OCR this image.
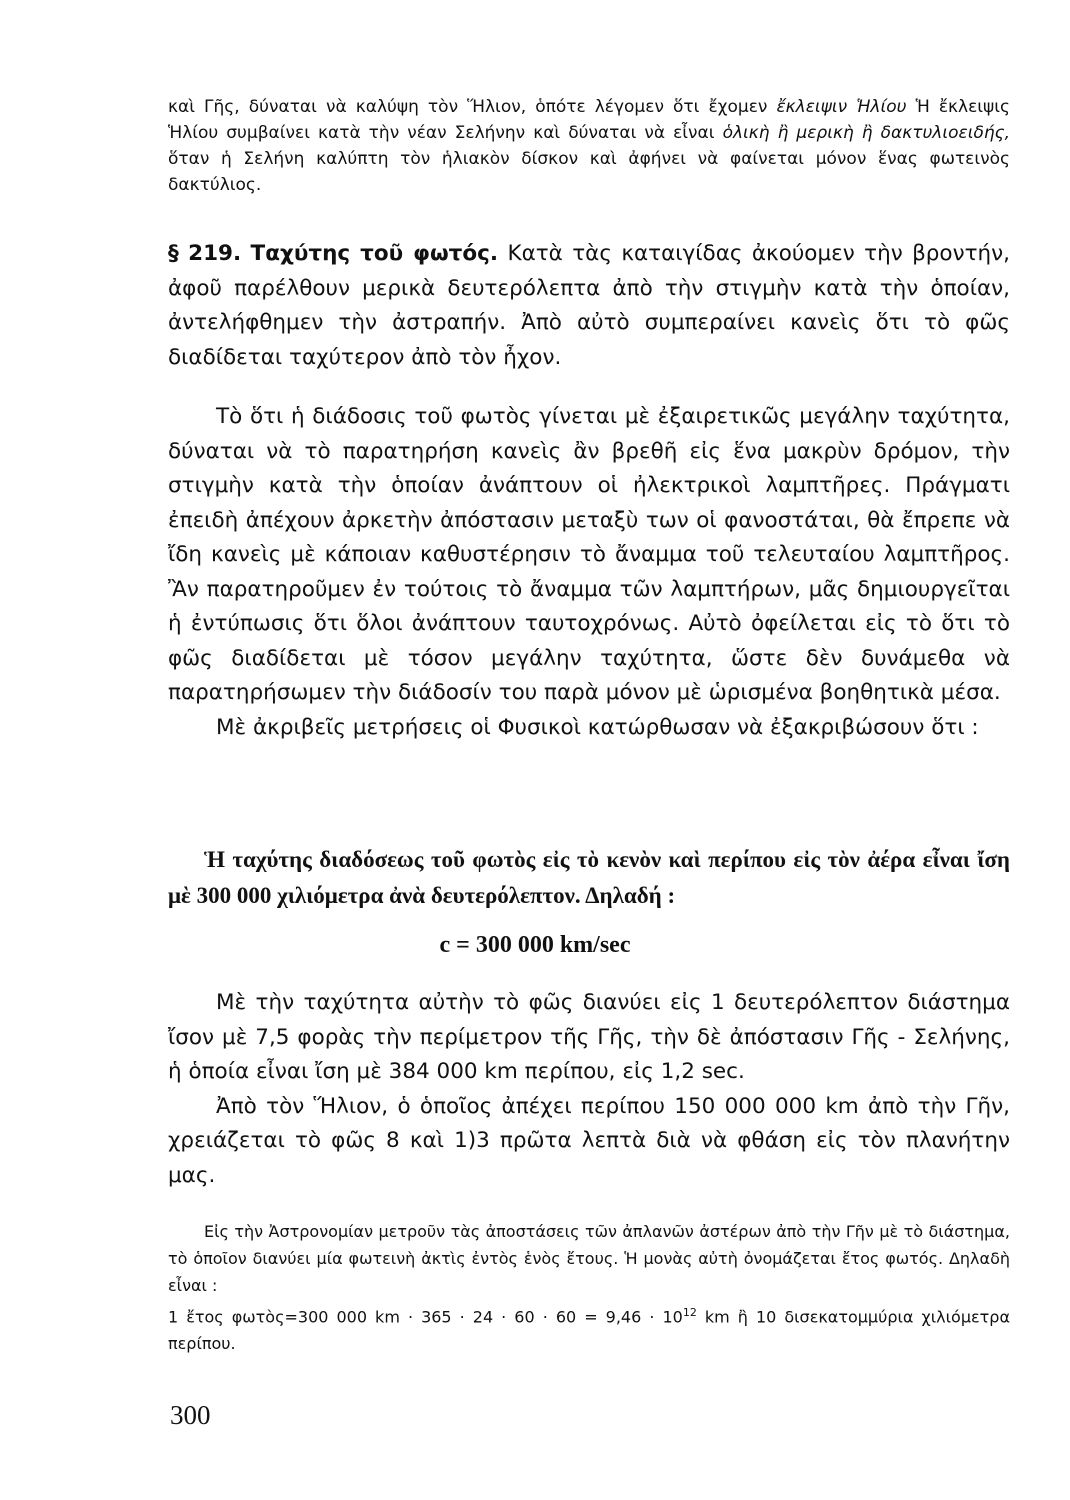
καὶ Γῆς, δύναται νὰ καλύψη τὸν Ἥλιον, ὁπότε λέγομεν ὅτι ἔχομεν ἔκλειψιν Ἡλίου Ἡ ἔκλειψις Ἡλίου συμβαίνει κατὰ τὴν νέαν Σελήνην καὶ δύναται νὰ εἶναι ὁλικὴ ἢ μερικὴ ἢ δακτυλιοειδής, ὅταν ἡ Σελήνη καλύπτη τὸν ἡλιακὸν δίσκον καὶ ἀφήνει νὰ φαίνεται μόνον ἕνας φωτεινὸς δακτύλιος.

§ 219. Ταχύτης τοῦ φωτός. Κατὰ τὰς καταιγίδας ἀκούομεν τὴν βροντήν, ἀφοῦ παρέλθουν μερικὰ δευτερόλεπτα ἀπὸ τὴν στιγμὴν κατὰ τὴν ὁποίαν, ἀντελήφθημεν τὴν ἀστραπήν. Ἀπὸ αὐτὸ συμπεραίνει κανεὶς ὅτι τὸ φῶς διαδίδεται ταχύτερον ἀπὸ τὸν ἦχον.

Τὸ ὅτι ἡ διάδοσις τοῦ φωτὸς γίνεται μὲ ἐξαιρετικῶς μεγάλην ταχύτητα, δύναται νὰ τὸ παρατηρήση κανεὶς ἂν βρεθῆ εἰς ἕνα μακρὺν δρόμον, τὴν στιγμὴν κατὰ τὴν ὁποίαν ἀνάπτουν οἱ ἠλεκτρικοὶ λαμπτῆρες. Πράγματι ἐπειδὴ ἀπέχουν ἀρκετὴν ἀπόστασιν μεταξὺ των οἱ φανοστάται, θὰ ἔπρεπε νὰ ἴδη κανεὶς μὲ κάποιαν καθυστέρησιν τὸ ἄναμμα τοῦ τελευταίου λαμπτῆρος. Ἂν παρατηροῦμεν ἐν τούτοις τὸ ἄναμμα τῶν λαμπτήρων, μᾶς δημιουργεῖται ἡ ἐντύπωσις ὅτι ὅλοι ἀνάπτουν ταυτοχρόνως. Αὐτὸ ὀφείλεται εἰς τὸ ὅτι τὸ φῶς διαδίδεται μὲ τόσον μεγάλην ταχύτητα, ὥστε δὲν δυνάμεθα νὰ παρατηρήσωμεν τὴν διάδοσίν του παρὰ μόνον μὲ ὡρισμένα βοηθητικὰ μέσα.

Μὲ ἀκριβεῖς μετρήσεις οἱ Φυσικοὶ κατώρθωσαν νὰ ἐξακριβώσουν ὅτι :

Ἡ ταχύτης διαδόσεως τοῦ φωτὸς εἰς τὸ κενὸν καὶ περίπου εἰς τὸν ἀέρα εἶναι ἴση μὲ 300 000 χιλιόμετρα ἀνὰ δευτερόλεπτον. Δηλαδή :

c = 300 000 km/sec

Μὲ τὴν ταχύτητα αὐτὴν τὸ φῶς διανύει εἰς 1 δευτερόλεπτον διάστημα ἴσον μὲ 7,5 φορὰς τὴν περίμετρον τῆς Γῆς, τὴν δὲ ἀπόστασιν Γῆς - Σελήνης, ἡ ὁποία εἶναι ἴση μὲ 384 000 km περίπου, εἰς 1,2 sec.

Ἀπὸ τὸν Ἥλιον, ὁ ὁποῖος ἀπέχει περίπου 150 000 000 km ἀπὸ τὴν Γῆν, χρειάζεται τὸ φῶς 8 καὶ 1)3 πρῶτα λεπτὰ διὰ νὰ φθάση εἰς τὸν πλανήτην μας.

Εἰς τὴν Ἀστρονομίαν μετροῦν τὰς ἀποστάσεις τῶν ἀπλανῶν ἀστέρων ἀπὸ τὴν Γῆν μὲ τὸ διάστημα, τὸ ὁποῖον διανύει μία φωτεινὴ ἀκτὶς ἐντὸς ἑνὸς ἔτους. Ἡ μονὰς αὐτὴ ὀνομάζεται ἔτος φωτός. Δηλαδὴ εἶναι :

1 ἔτος φωτὸς=300 000 km · $365 \cdot 24 \cdot 60 \cdot 60 = 9,46 \cdot 10^{12}$ km ἢ 10 δισεκατομμύρια χιλιόμετρα περίπου.

300
